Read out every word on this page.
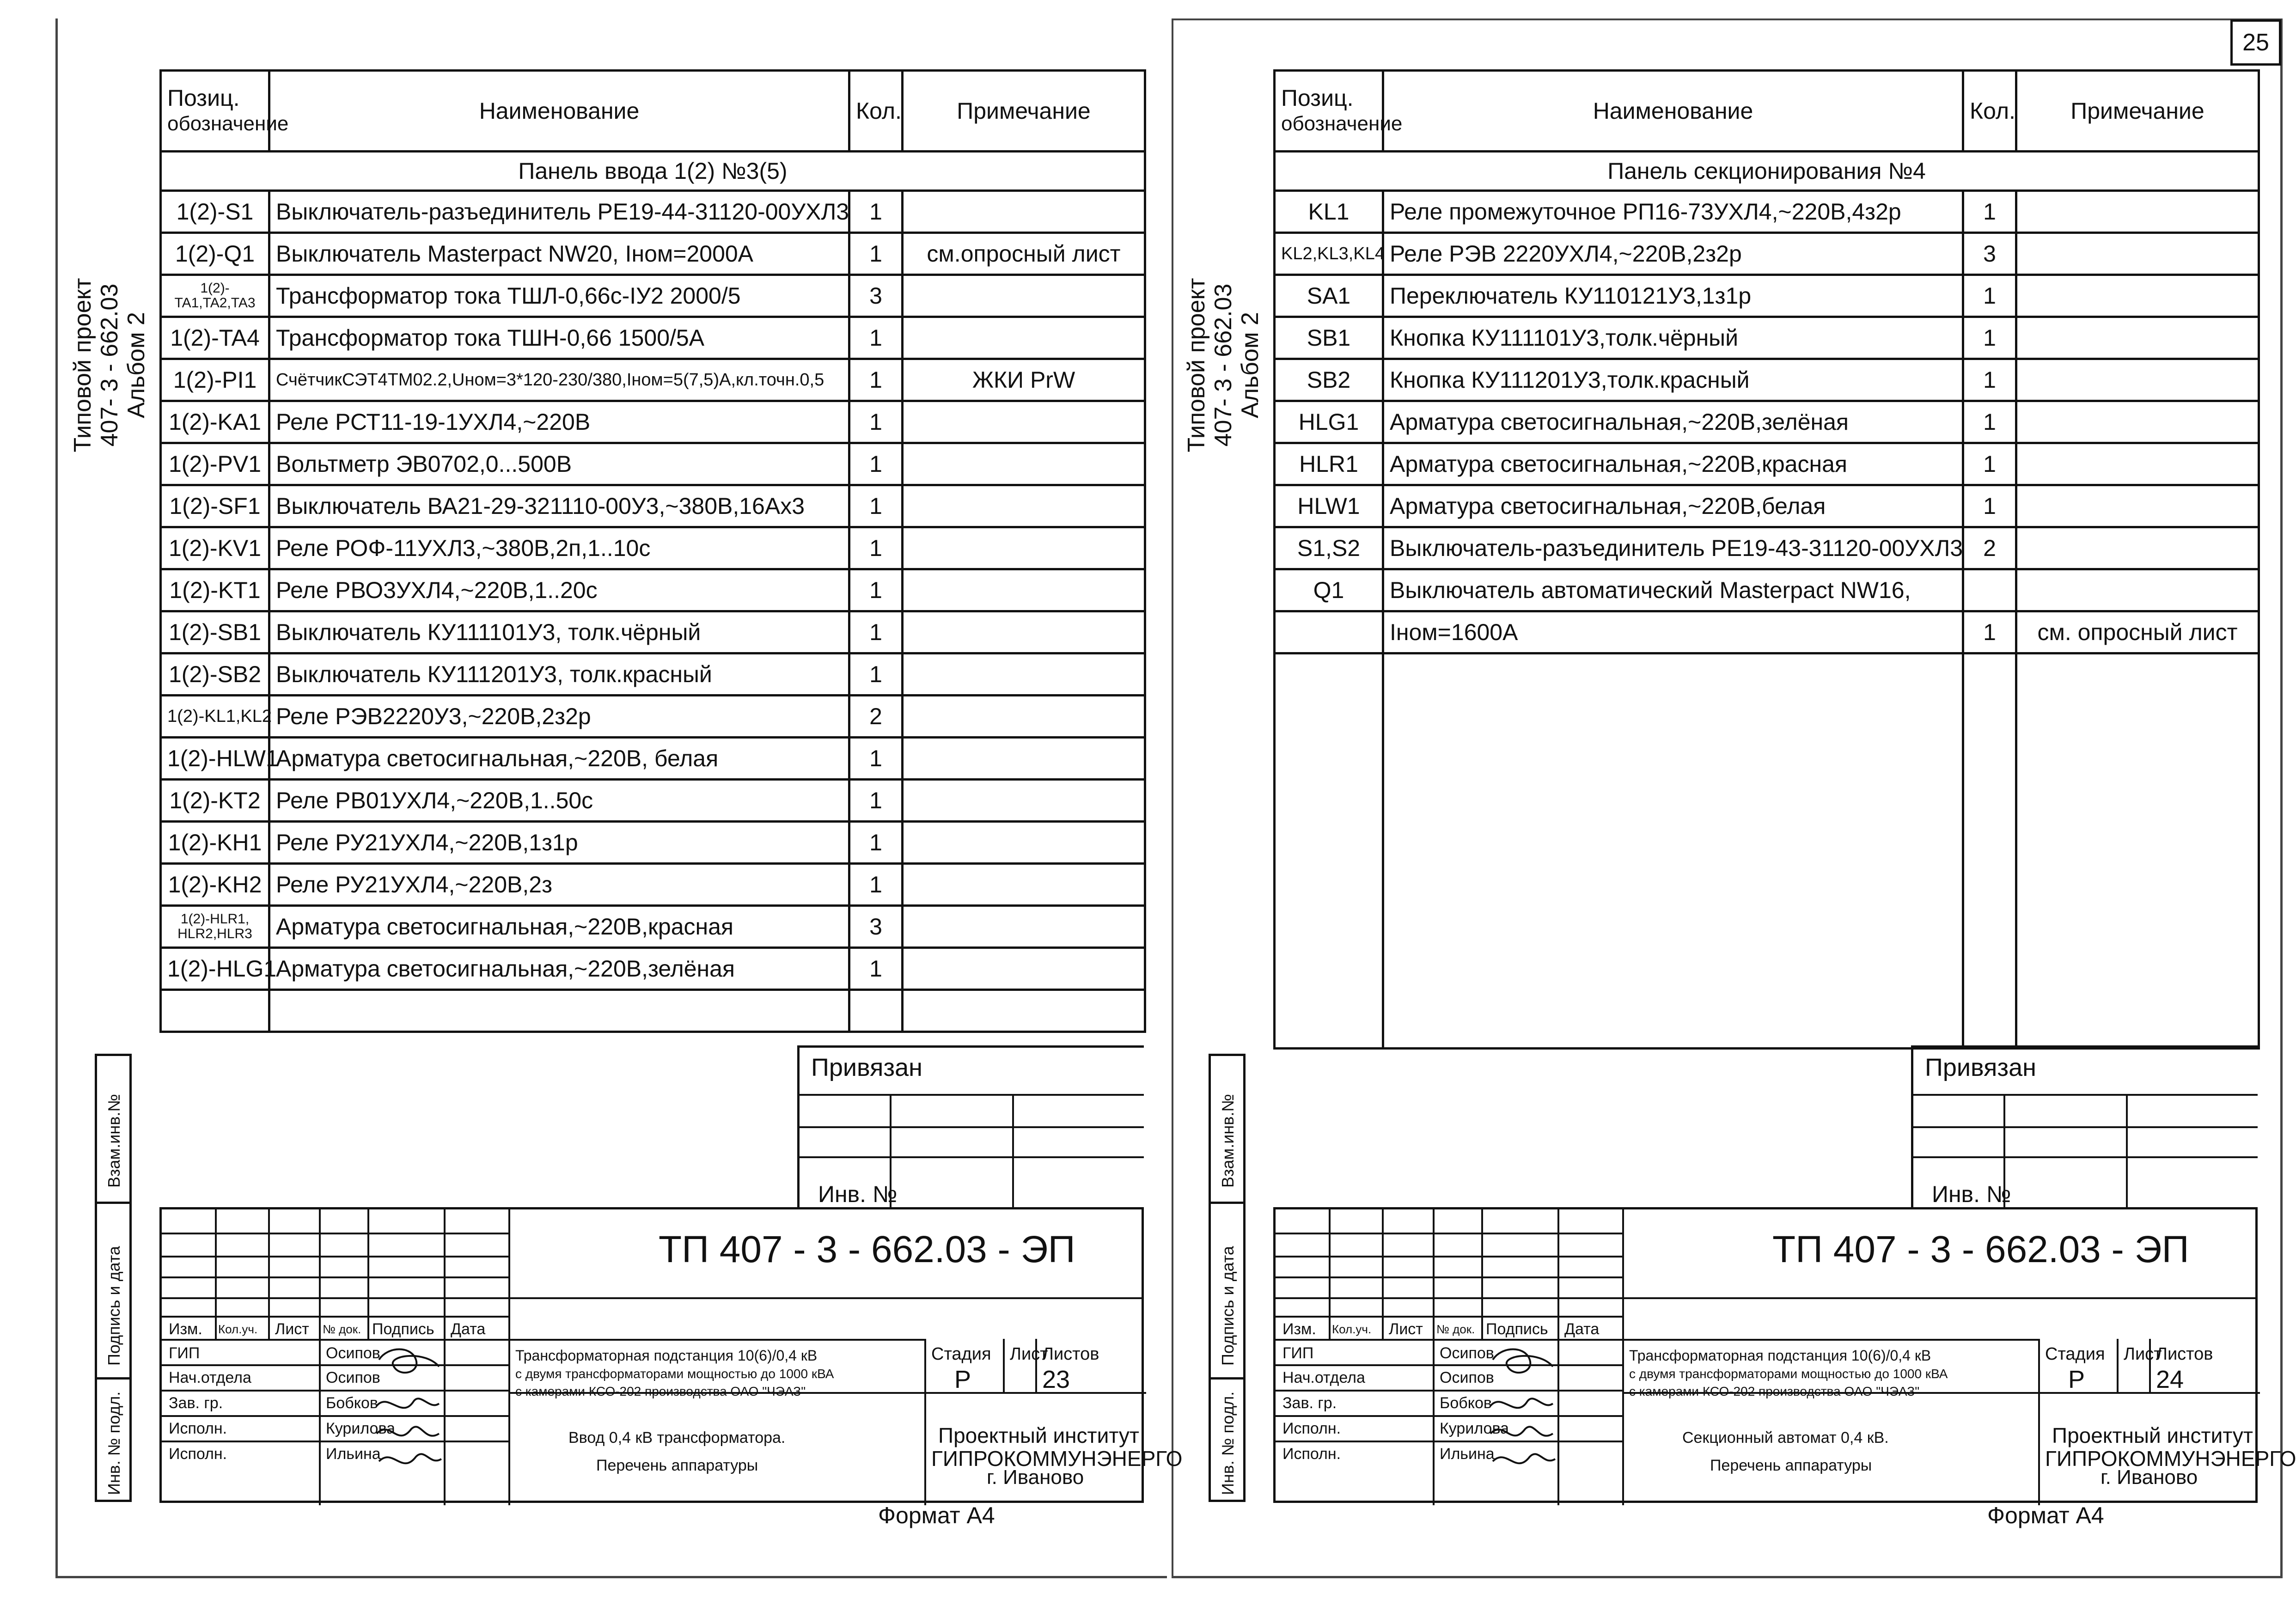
25
Типовой проект 407- 3 - 662.03 Альбом 2
Позиц.
обозначение	Наименование	Кол.	Примечание
Панель ввода 1(2) №3(5)			
1(2)-S1	Выключатель-разъединитель РЕ19-44-31120-00УХЛ3	1	
1(2)-Q1	Выключатель Masterpact NW20, Iном=2000А	1	см.опросный лист
1(2)-TA1,TA2,TA3	Трансформатор тока ТШЛ-0,66с-IУ2 2000/5	3	
1(2)-TA4	Трансформатор тока ТШН-0,66 1500/5А	1	
1(2)-PI1	СчётчикСЭТ4ТМ02.2,Uном=3*120-230/380,Iном=5(7,5)А,кл.точн.0,5	1	ЖКИ PrW
1(2)-KA1	Реле РСТ11-19-1УХЛ4,~220В	1	
1(2)-PV1	Вольтметр ЭВ0702,0...500В	1	
1(2)-SF1	Выключатель ВА21-29-321110-00У3,~380В,16Ах3	1	
1(2)-KV1	Реле РОФ-11УХЛ3,~380В,2п,1..10с	1	
1(2)-KT1	Реле РВО3УХЛ4,~220В,1..20с	1	
1(2)-SB1	Выключатель КУ111101У3, толк.чёрный	1	
1(2)-SB2	Выключатель КУ111201У3, толк.красный	1	
1(2)-KL1,KL2	Реле РЭВ2220У3,~220В,2з2р	2	
1(2)-HLW1	Арматура светосигнальная,~220В, белая	1	
1(2)-KT2	Реле РВ01УХЛ4,~220В,1..50с	1	
1(2)-KH1	Реле РУ21УХЛ4,~220В,1з1р	1	
1(2)-KH2	Реле РУ21УХЛ4,~220В,2з	1	
1(2)-HLR1, HLR2,HLR3	Арматура светосигнальная,~220В,красная	3	
1(2)-HLG1	Арматура светосигнальная,~220В,зелёная	1	

Взам.инв.№
Подпись и дата
Инв. № подл.
Привязан
Инв. №
ТП 407 - 3 - 662.03 - ЭП
Изм. Кол.уч. Лист № док. Подпись Дата
ГИП
Нач.отдела
Зав. гр.
Исполн.
Исполн.
Осипов
Осипов
Бобков
Курилова
Ильина
Трансформаторная подстанция 10(6)/0,4 кВ
с двумя трансформаторами мощностью до 1000 кВА
с камерами КСО-202 производства ОАО "ЧЭАЗ"
Ввод 0,4 кВ трансформатора.
Перечень аппаратуры
Стадия Лист
Листов
Р	23
Проектный институт
ГИПРОКОММУНЭНЕРГО
г. Иваново
Формат А4
Типовой проект 407- 3 - 662.03 Альбом 2
Позиц.
обозначение	Наименование	Кол.	Примечание
Панель секционирования №4			
KL1	Реле промежуточное РП16-73УХЛ4,~220В,4з2р	1	
KL2,KL3,KL4	Реле РЭВ 2220УХЛ4,~220В,2з2р	3	
SA1	Переключатель КУ110121У3,1з1р	1	
SB1	Кнопка КУ111101У3,толк.чёрный	1	
SB2	Кнопка КУ111201У3,толк.красный	1	
HLG1	Арматура светосигнальная,~220В,зелёная	1	
HLR1	Арматура светосигнальная,~220В,красная	1	
HLW1	Арматура светосигнальная,~220В,белая	1	
S1,S2	Выключатель-разъединитель РЕ19-43-31120-00УХЛ3	2	
Q1	Выключатель автоматический Masterpact NW16,		
	Iном=1600А	1	см. опросный лист

Взам.инв.№
Подпись и дата
Инв. № подл.
Привязан
Инв. №
ТП 407 - 3 - 662.03 - ЭП
Изм. Кол.уч. Лист № док. Подпись Дата
ГИП
Нач.отдела
Зав. гр.
Исполн.
Исполн.
Осипов
Осипов
Бобков
Курилова
Ильина
Трансформаторная подстанция 10(6)/0,4 кВ
с двумя трансформаторами мощностью до 1000 кВА
с камерами КСО-202 производства ОАО "ЧЭАЗ"
Секционный автомат 0,4 кВ.
Перечень аппаратуры
Стадия Лист
Листов
Р	24
Проектный институт
ГИПРОКОММУНЭНЕРГО
г. Иваново
Формат А4
